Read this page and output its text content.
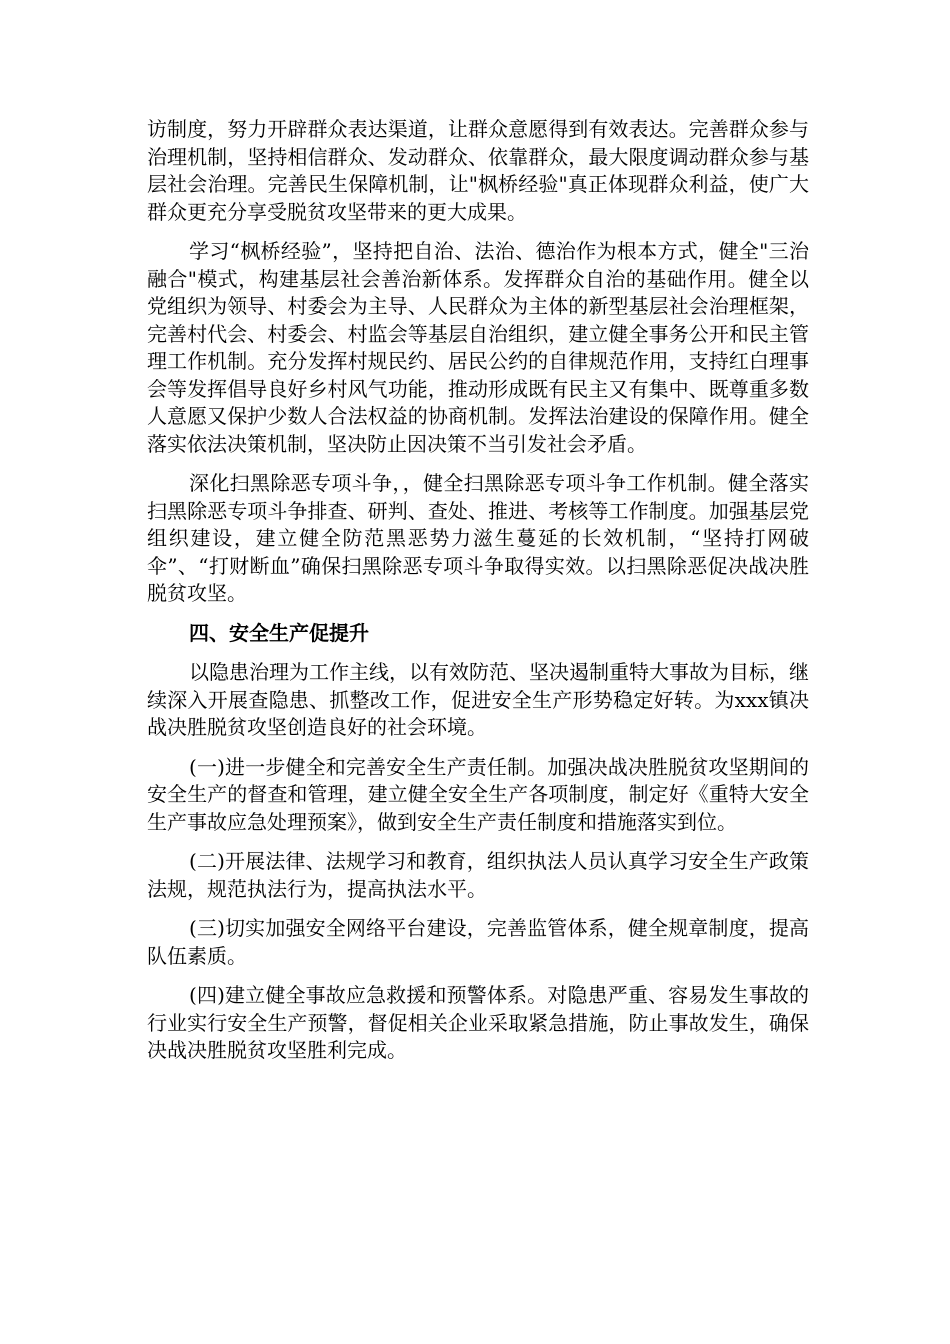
访制度，努力开辟群众表达渠道，让群众意愿得到有效表达。完善群众参与治理机制，坚持相信群众、发动群众、依靠群众，最大限度调动群众参与基层社会治理。完善民生保障机制，让"枫桥经验"真正体现群众利益，使广大群众更充分享受脱贫攻坚带来的更大成果。

学习“枫桥经验”，坚持把自治、法治、德治作为根本方式，健全"三治融合"模式，构建基层社会善治新体系。发挥群众自治的基础作用。健全以党组织为领导、村委会为主导、人民群众为主体的新型基层社会治理框架，完善村代会、村委会、村监会等基层自治组织，建立健全事务公开和民主管理工作机制。充分发挥村规民约、居民公约的自律规范作用，支持红白理事会等发挥倡导良好乡村风气功能，推动形成既有民主又有集中、既尊重多数人意愿又保护少数人合法权益的协商机制。发挥法治建设的保障作用。健全落实依法决策机制，坚决防止因决策不当引发社会矛盾。

深化扫黑除恶专项斗争，，健全扫黑除恶专项斗争工作机制。健全落实扫黑除恶专项斗争排查、研判、查处、推进、考核等工作制度。加强基层党组织建设，建立健全防范黑恶势力滋生蔓延的长效机制，“坚持打网破伞”、“打财断血”确保扫黑除恶专项斗争取得实效。以扫黑除恶促决战决胜脱贫攻坚。

四、安全生产促提升

以隐患治理为工作主线，以有效防范、坚决遏制重特大事故为目标，继续深入开展查隐患、抓整改工作，促进安全生产形势稳定好转。为xxx镇决战决胜脱贫攻坚创造良好的社会环境。

(一)进一步健全和完善安全生产责任制。加强决战决胜脱贫攻坚期间的安全生产的督查和管理，建立健全安全生产各项制度，制定好《重特大安全生产事故应急处理预案》，做到安全生产责任制度和措施落实到位。

(二)开展法律、法规学习和教育，组织执法人员认真学习安全生产政策法规，规范执法行为，提高执法水平。

(三)切实加强安全网络平台建设，完善监管体系，健全规章制度，提高队伍素质。

(四)建立健全事故应急救援和预警体系。对隐患严重、容易发生事故的行业实行安全生产预警，督促相关企业采取紧急措施，防止事故发生，确保决战决胜脱贫攻坚胜利完成。
